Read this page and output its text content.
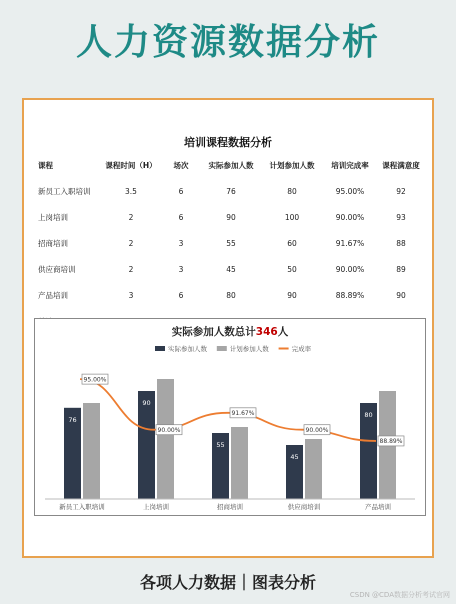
人力资源数据分析
培训课程数据分析
课程	课程时间（H）	场次	实际参加人数	计划参加人数	培训完成率	课程满意度
新员工入职培训	3.5	6	76	80	95.00%	92
上岗培训	2	6	90	100	90.00%	93
招商培训	2	3	55	60	91.67%	88
供应商培训	2	3	45	50	90.00%	89
产品培训	3	6	80	90	88.89%	90

实际参加人数总计346人
实际参加人数	计划参加人数	完成率
76
90
55
45
80
95.00%
90.00%
91.67%
90.00%
88.89%
新员工入职培训	上岗培训	招商培训	供应商培训	产品培训
各项人力数据｜图表分析
CSDN @CDA数据分析考试官网
